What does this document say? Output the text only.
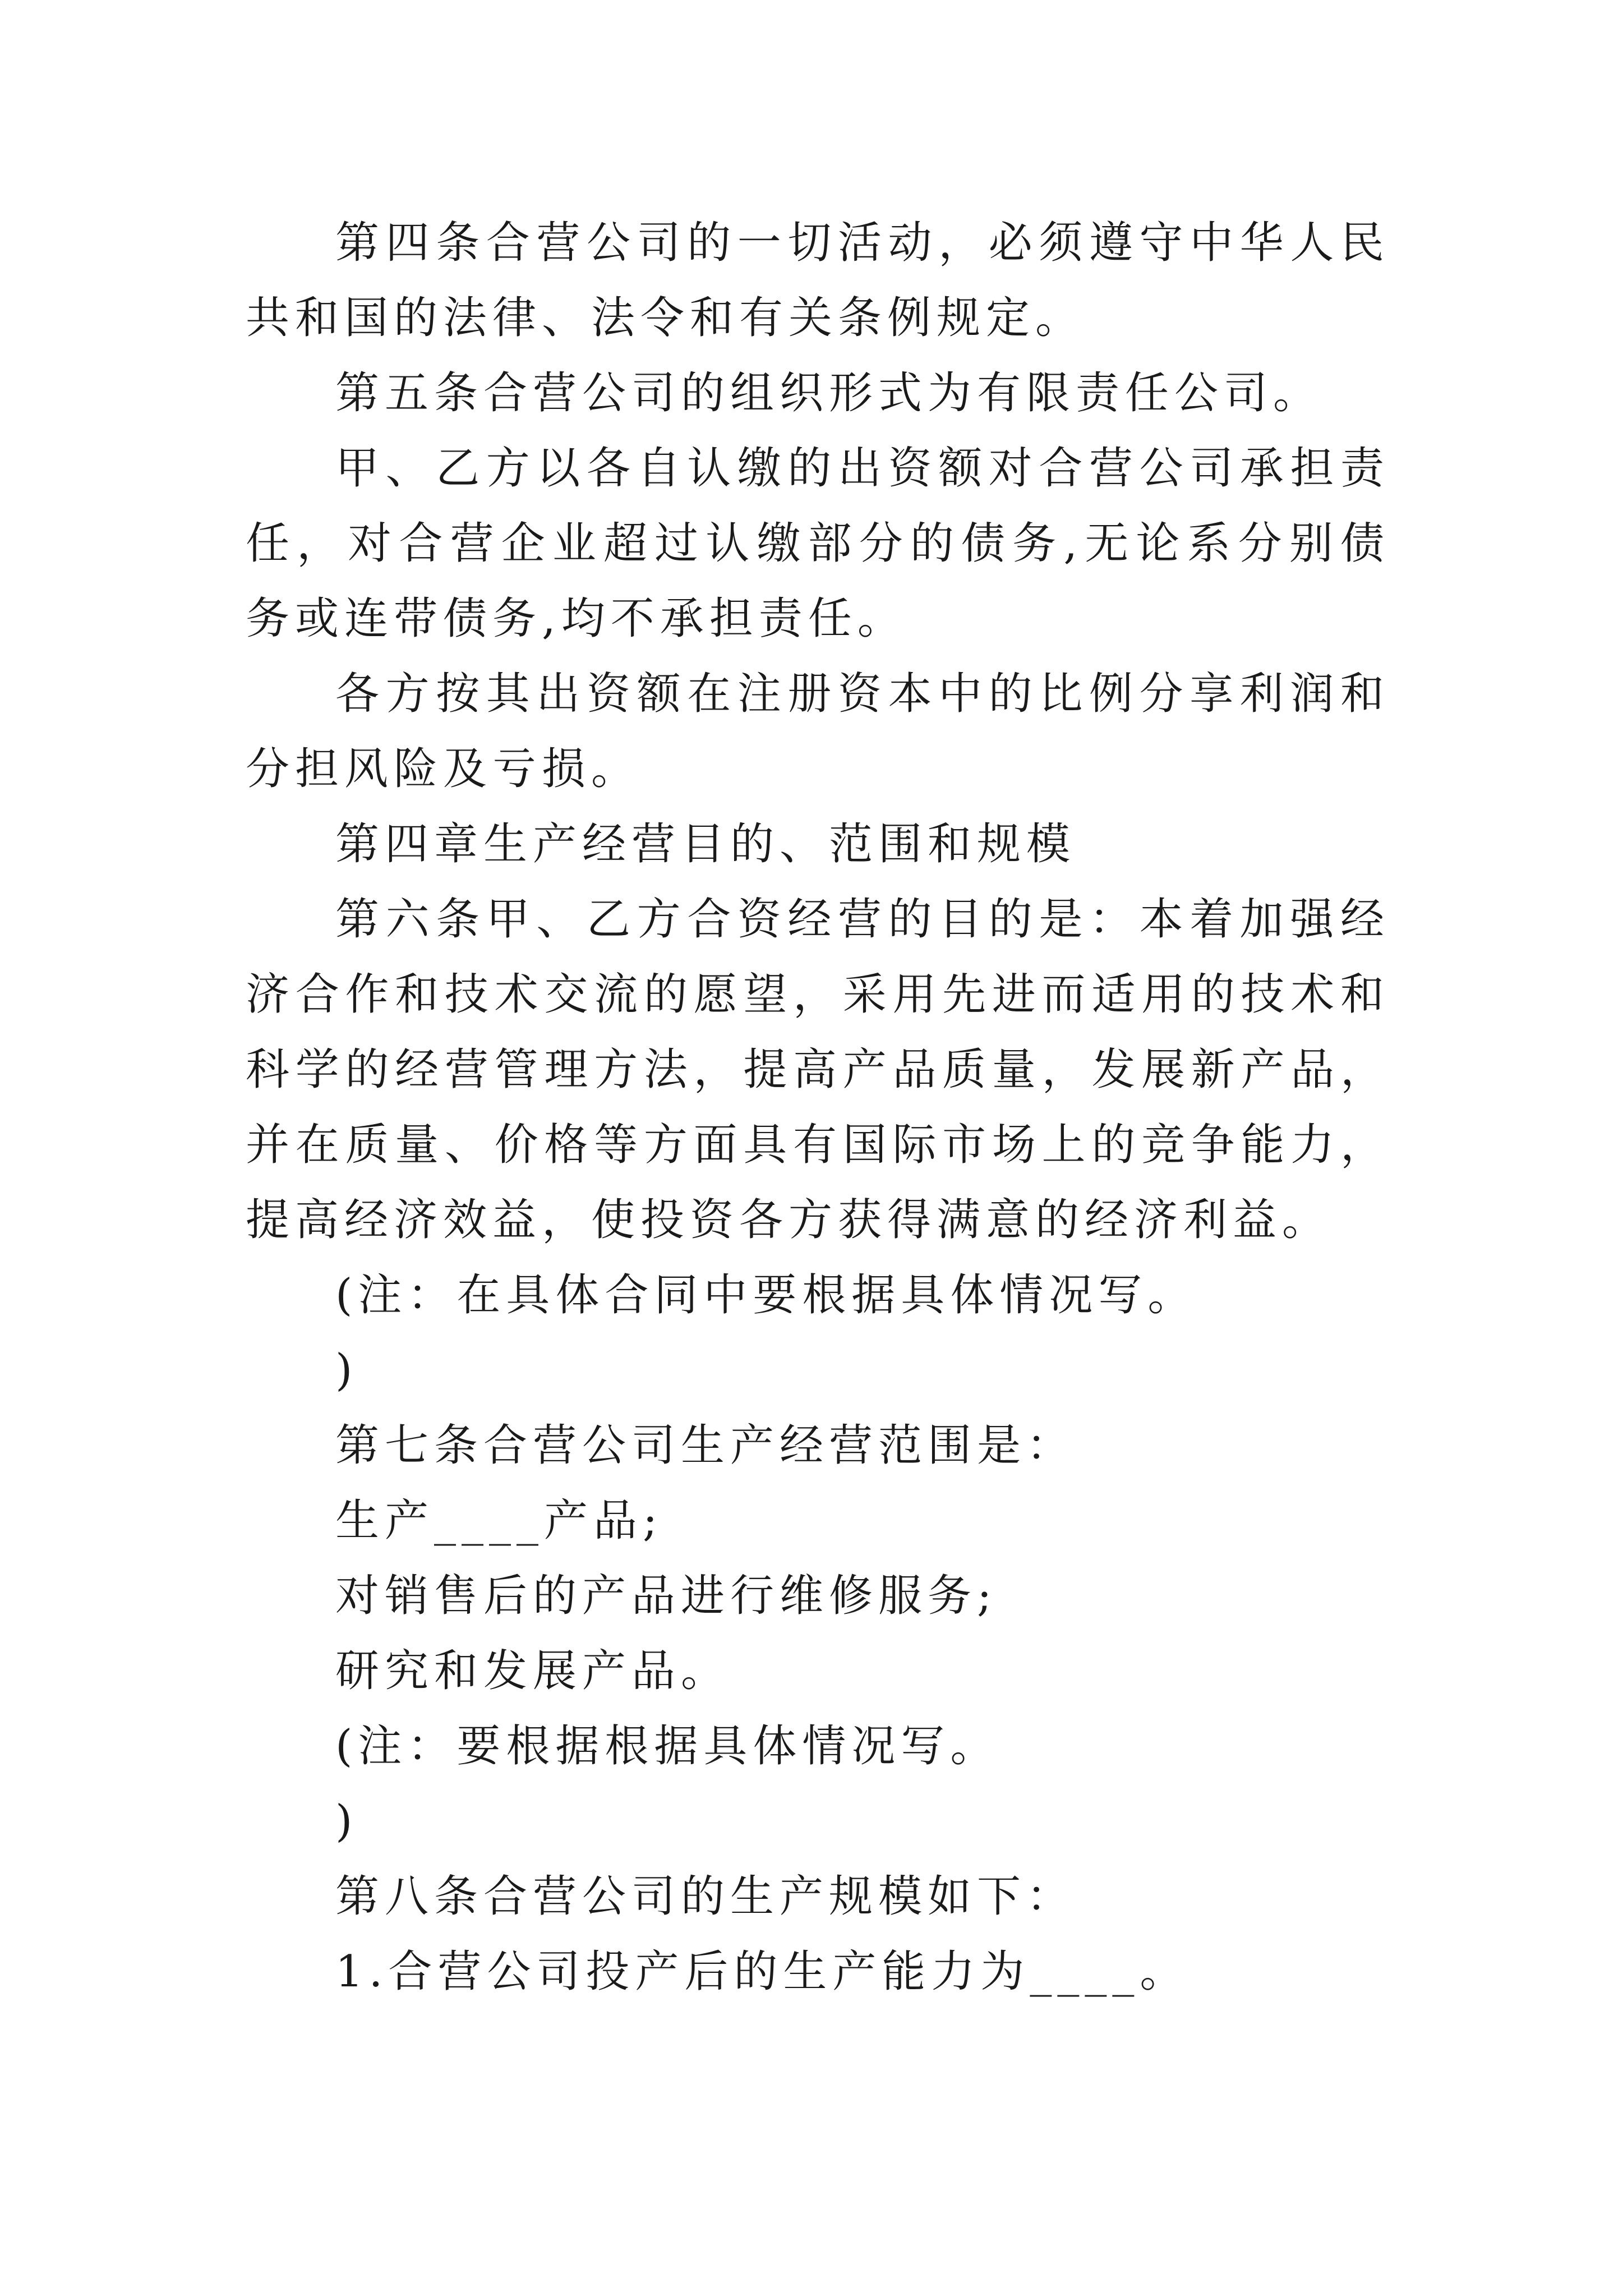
第四条合营公司的一切活动，必须遵守中华人民共和国的法律、法令和有关条例规定。

第五条合营公司的组织形式为有限责任公司。

甲、乙方以各自认缴的出资额对合营公司承担责任，对合营企业超过认缴部分的债务,无论系分别债务或连带债务,均不承担责任。

各方按其出资额在注册资本中的比例分享利润和分担风险及亏损。

第四章生产经营目的、范围和规模

第六条甲、乙方合资经营的目的是：本着加强经济合作和技术交流的愿望，采用先进而适用的技术和科学的经营管理方法，提高产品质量，发展新产品，并在质量、价格等方面具有国际市场上的竞争能力，提高经济效益，使投资各方获得满意的经济利益。

(注：在具体合同中要根据具体情况写。

)

第七条合营公司生产经营范围是：

生产____产品;

对销售后的产品进行维修服务;

研究和发展产品。

(注：要根据根据具体情况写。

)

第八条合营公司的生产规模如下：

1.合营公司投产后的生产能力为____。
